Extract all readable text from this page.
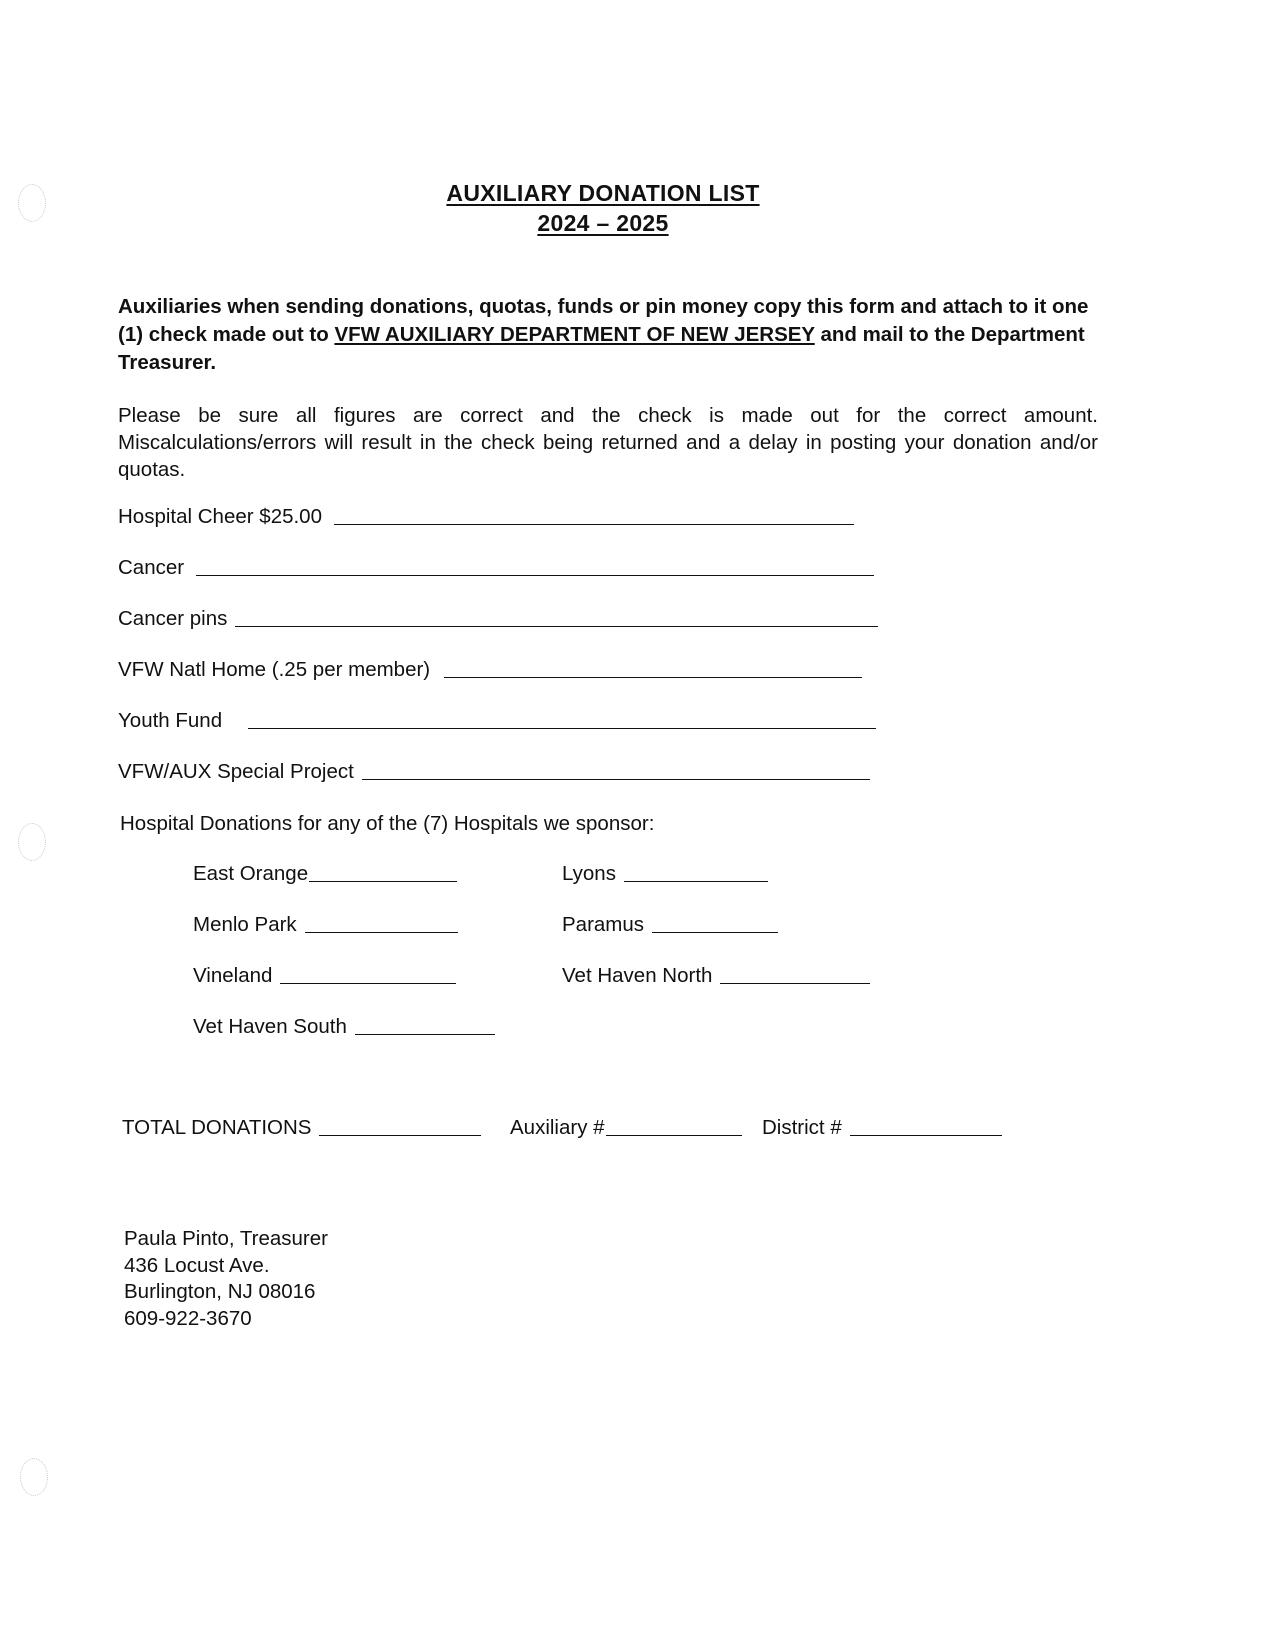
AUXILIARY DONATION LIST
2024 – 2025
Auxiliaries when sending donations, quotas, funds or pin money copy this form and attach to it one (1) check made out to VFW AUXILIARY DEPARTMENT OF NEW JERSEY and mail to the Department Treasurer.
Please be sure all figures are correct and the check is made out for the correct amount. Miscalculations/errors will result in the check being returned and a delay in posting your donation and/or quotas.
Hospital Cheer $25.00
Cancer
Cancer pins
VFW Natl Home (.25 per member)
Youth Fund
VFW/AUX Special Project
Hospital Donations for any of the (7) Hospitals we sponsor:
East Orange	Lyons
Menlo Park	Paramus
Vineland	Vet Haven North
Vet Haven South
TOTAL DONATIONS	Auxiliary #	District #
Paula Pinto, Treasurer
436 Locust Ave.
Burlington, NJ 08016
609-922-3670
